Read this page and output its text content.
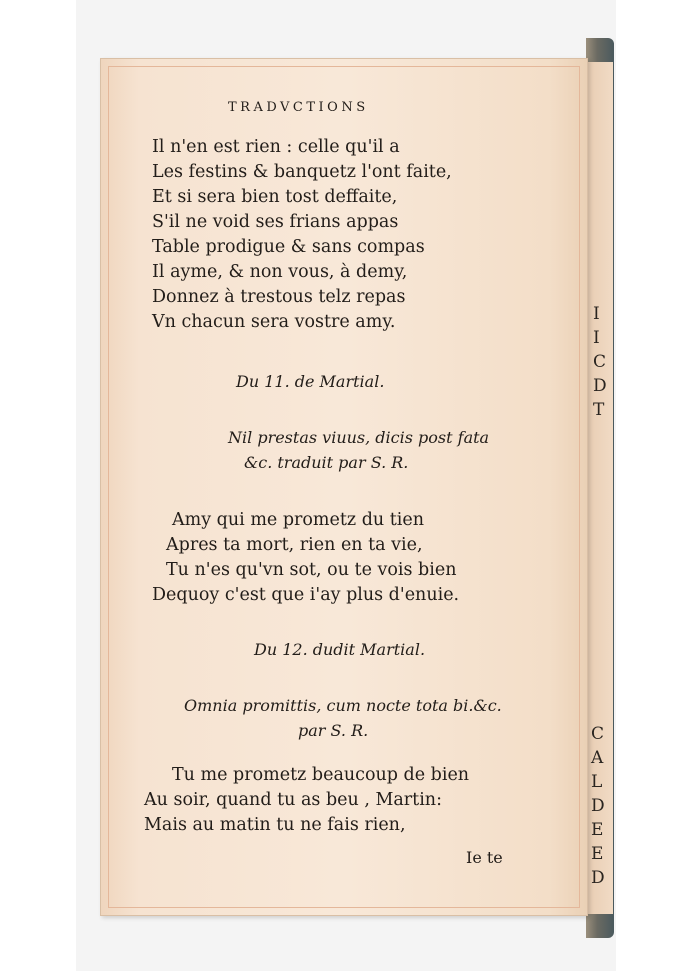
I
I
C
D
T
C
A
L
D
E
E
D
TRADVCTIONS
Il n'en est rien : celle qu'il a
Les festins & banquetz l'ont faite,
Et si sera bien tost deffaite,
S'il ne void ses frians appas
Table prodigue & sans compas
Il ayme, & non vous, à demy,
Donnez à trestous telz repas
Vn chacun sera vostre amy.
Du 11. de Martial.
Nil prestas viuus, dicis post fata
&c. traduit par S. R.
Amy qui me prometz du tien
Apres ta mort, rien en ta vie,
Tu n'es qu'vn sot, ou te vois bien
Dequoy c'est que i'ay plus d'enuie.
Du 12. dudit Martial.
Omnia promittis, cum nocte tota bi.&c.
par S. R.
Tu me prometz beaucoup de bien
Au soir, quand tu as beu , Martin:
Mais au matin tu ne fais rien,
Ie te
